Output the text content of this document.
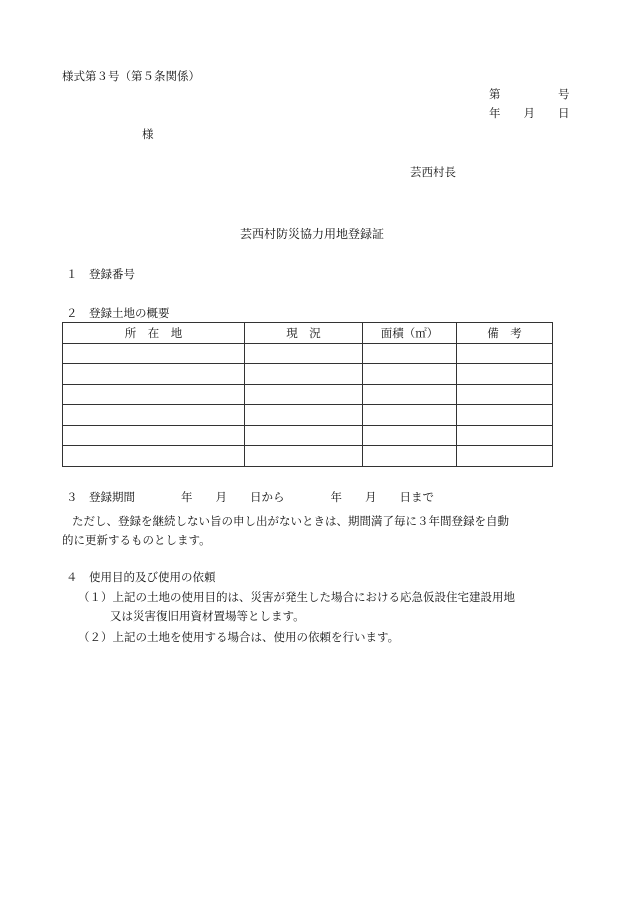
様式第３号（第５条関係）
第　　　　　号
年　　月　　日
様
芸西村長
芸西村防災協力用地登録証
１　登録番号
２　登録土地の概要
所　在　地	現　況	面積（㎡）	備　考

３　登録期間　　　　年　　月　　日から　　　　年　　月　　日まで
ただし、登録を継続しない旨の申し出がないときは、期間満了毎に３年間登録を自動
的に更新するものとします。
４　使用目的及び使用の依頼
（１）上記の土地の使用目的は、災害が発生した場合における応急仮設住宅建設用地
又は災害復旧用資材置場等とします。
（２）上記の土地を使用する場合は、使用の依頼を行います。
